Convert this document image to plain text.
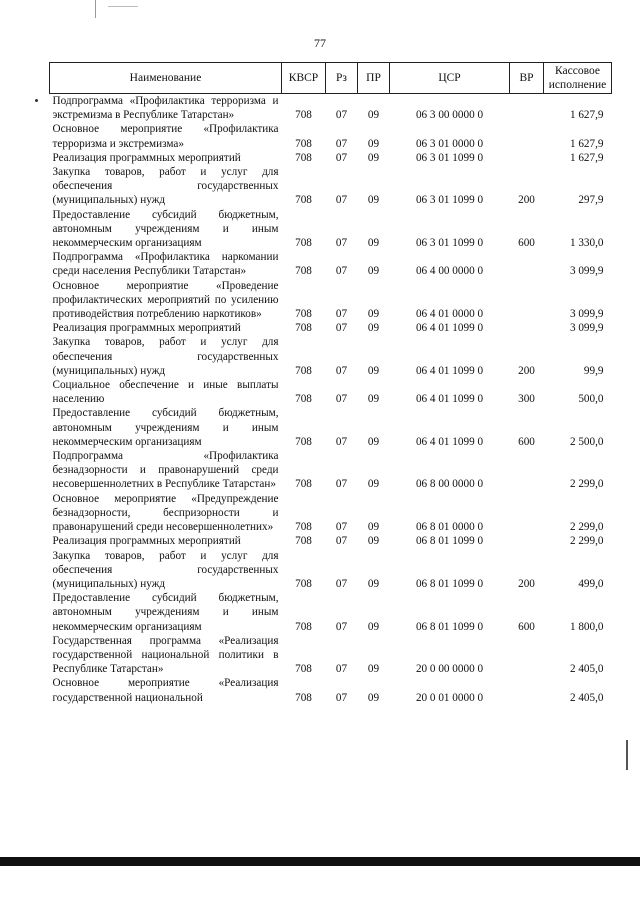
77
Наименование	КВСР	Рз	ПР	ЦСР	ВР	Кассовое исполнение
Подпрограмма «Профилактика терроризма и экстремизма в Республике Татарстан»	708	07	09	06 3 00 0000 0		1 627,9
Основное мероприятие «Профилактика терроризма и экстремизма»	708	07	09	06 3 01 0000 0		1 627,9
Реализация программных мероприятий	708	07	09	06 3 01 1099 0		1 627,9
Закупка товаров, работ и услуг для обеспечения государственных (муниципальных) нужд	708	07	09	06 3 01 1099 0	200	297,9
Предоставление субсидий бюджетным, автономным учреждениям и иным некоммерческим организациям	708	07	09	06 3 01 1099 0	600	1 330,0
Подпрограмма «Профилактика наркомании среди населения Республики Татарстан»	708	07	09	06 4 00 0000 0		3 099,9
Основное мероприятие «Проведение профилактических мероприятий по усилению противодействия потреблению наркотиков»	708	07	09	06 4 01 0000 0		3 099,9
Реализация программных мероприятий	708	07	09	06 4 01 1099 0		3 099,9
Закупка товаров, работ и услуг для обеспечения государственных (муниципальных) нужд	708	07	09	06 4 01 1099 0	200	99,9
Социальное обеспечение и иные выплаты населению	708	07	09	06 4 01 1099 0	300	500,0
Предоставление субсидий бюджетным, автономным учреждениям и иным некоммерческим организациям	708	07	09	06 4 01 1099 0	600	2 500,0
Подпрограмма «Профилактика безнадзорности и правонарушений среди несовершеннолетних в Республике Татарстан»	708	07	09	06 8 00 0000 0		2 299,0
Основное мероприятие «Предупреждение безнадзорности, беспризорности и правонарушений среди несовершеннолетних»	708	07	09	06 8 01 0000 0		2 299,0
Реализация программных мероприятий	708	07	09	06 8 01 1099 0		2 299,0
Закупка товаров, работ и услуг для обеспечения государственных (муниципальных) нужд	708	07	09	06 8 01 1099 0	200	499,0
Предоставление субсидий бюджетным, автономным учреждениям и иным некоммерческим организациям	708	07	09	06 8 01 1099 0	600	1 800,0
Государственная программа «Реализация государственной национальной политики в Республике Татарстан»	708	07	09	20 0 00 0000 0		2 405,0
Основное мероприятие «Реализация государственной национальной	708	07	09	20 0 01 0000 0		2 405,0
